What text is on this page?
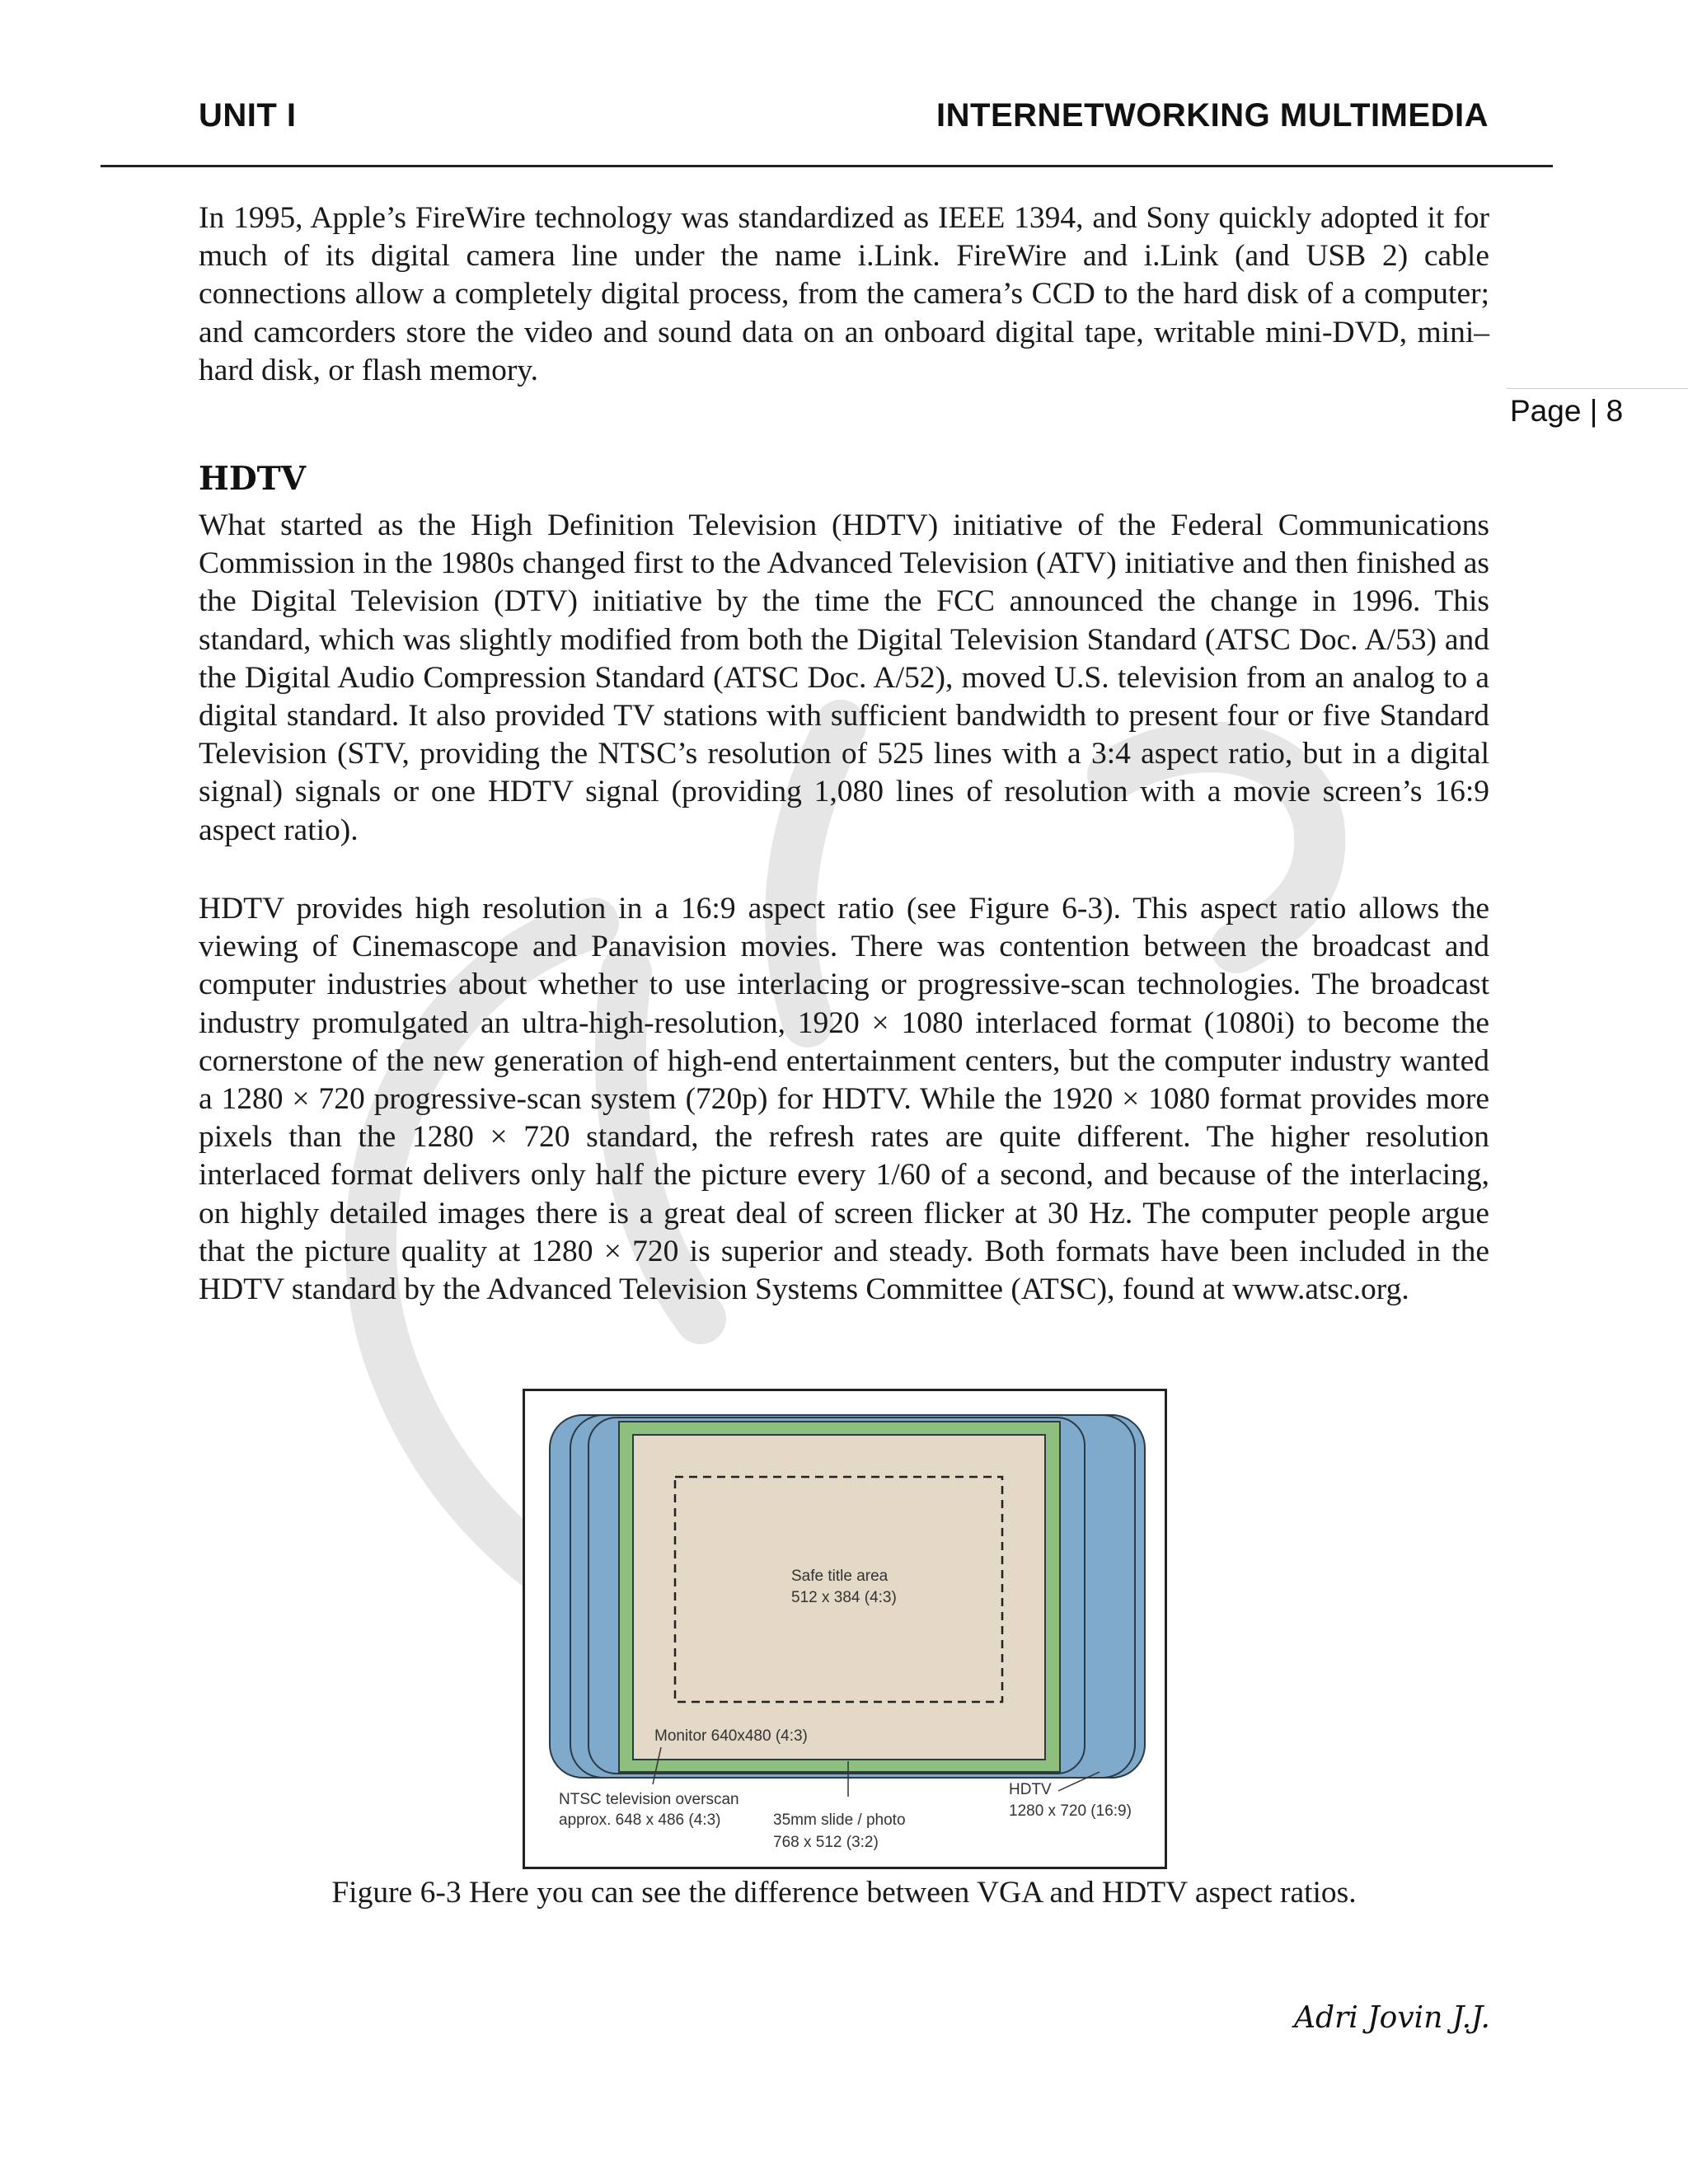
UNIT I	INTERNETWORKING MULTIMEDIA
Page | 8

In 1995, Apple’s FireWire technology was standardized as IEEE 1394, and Sony quickly adopted it for much of its digital camera line under the name i.Link. FireWire and i.Link (and USB 2) cable connections allow a completely digital process, from the camera’s CCD to the hard disk of a computer; and camcorders store the video and sound data on an onboard digital tape, writable mini-DVD, mini–hard disk, or flash memory.

HDTV

What started as the High Definition Television (HDTV) initiative of the Federal Communications Commission in the 1980s changed first to the Advanced Television (ATV) initiative and then finished as the Digital Television (DTV) initiative by the time the FCC announced the change in 1996. This standard, which was slightly modified from both the Digital Television Standard (ATSC Doc. A/53) and the Digital Audio Compression Standard (ATSC Doc. A/52), moved U.S. television from an analog to a digital standard. It also provided TV stations with sufficient bandwidth to present four or five Standard Television (STV, providing the NTSC’s resolution of 525 lines with a 3:4 aspect ratio, but in a digital signal) signals or one HDTV signal (providing 1,080 lines of resolution with a movie screen’s 16:9 aspect ratio).

HDTV provides high resolution in a 16:9 aspect ratio (see Figure 6-3). This aspect ratio allows the viewing of Cinemascope and Panavision movies. There was contention between the broadcast and computer industries about whether to use interlacing or progressive-scan technologies. The broadcast industry promulgated an ultra-high-resolution, 1920 × 1080 interlaced format (1080i) to become the cornerstone of the new generation of high-end entertainment centers, but the computer industry wanted a 1280 × 720 progressive-scan system (720p) for HDTV. While the 1920 × 1080 format provides more pixels than the 1280 × 720 standard, the refresh rates are quite different. The higher resolution interlaced format delivers only half the picture every 1/60 of a second, and because of the interlacing, on highly detailed images there is a great deal of screen flicker at 30 Hz. The computer people argue that the picture quality at 1280 × 720 is superior and steady. Both formats have been included in the HDTV standard by the Advanced Television Systems Committee (ATSC), found at www.atsc.org.

Safe title area
512 x 384 (4:3)
Monitor 640x480 (4:3)
NTSC television overscan
approx. 648 x 486 (4:3)	35mm slide / photo
768 x 512 (3:2)
HDTV
1280 x 720 (16:9)
Figure 6-3 Here you can see the difference between VGA and HDTV aspect ratios.
Adri Jovin J.J.
